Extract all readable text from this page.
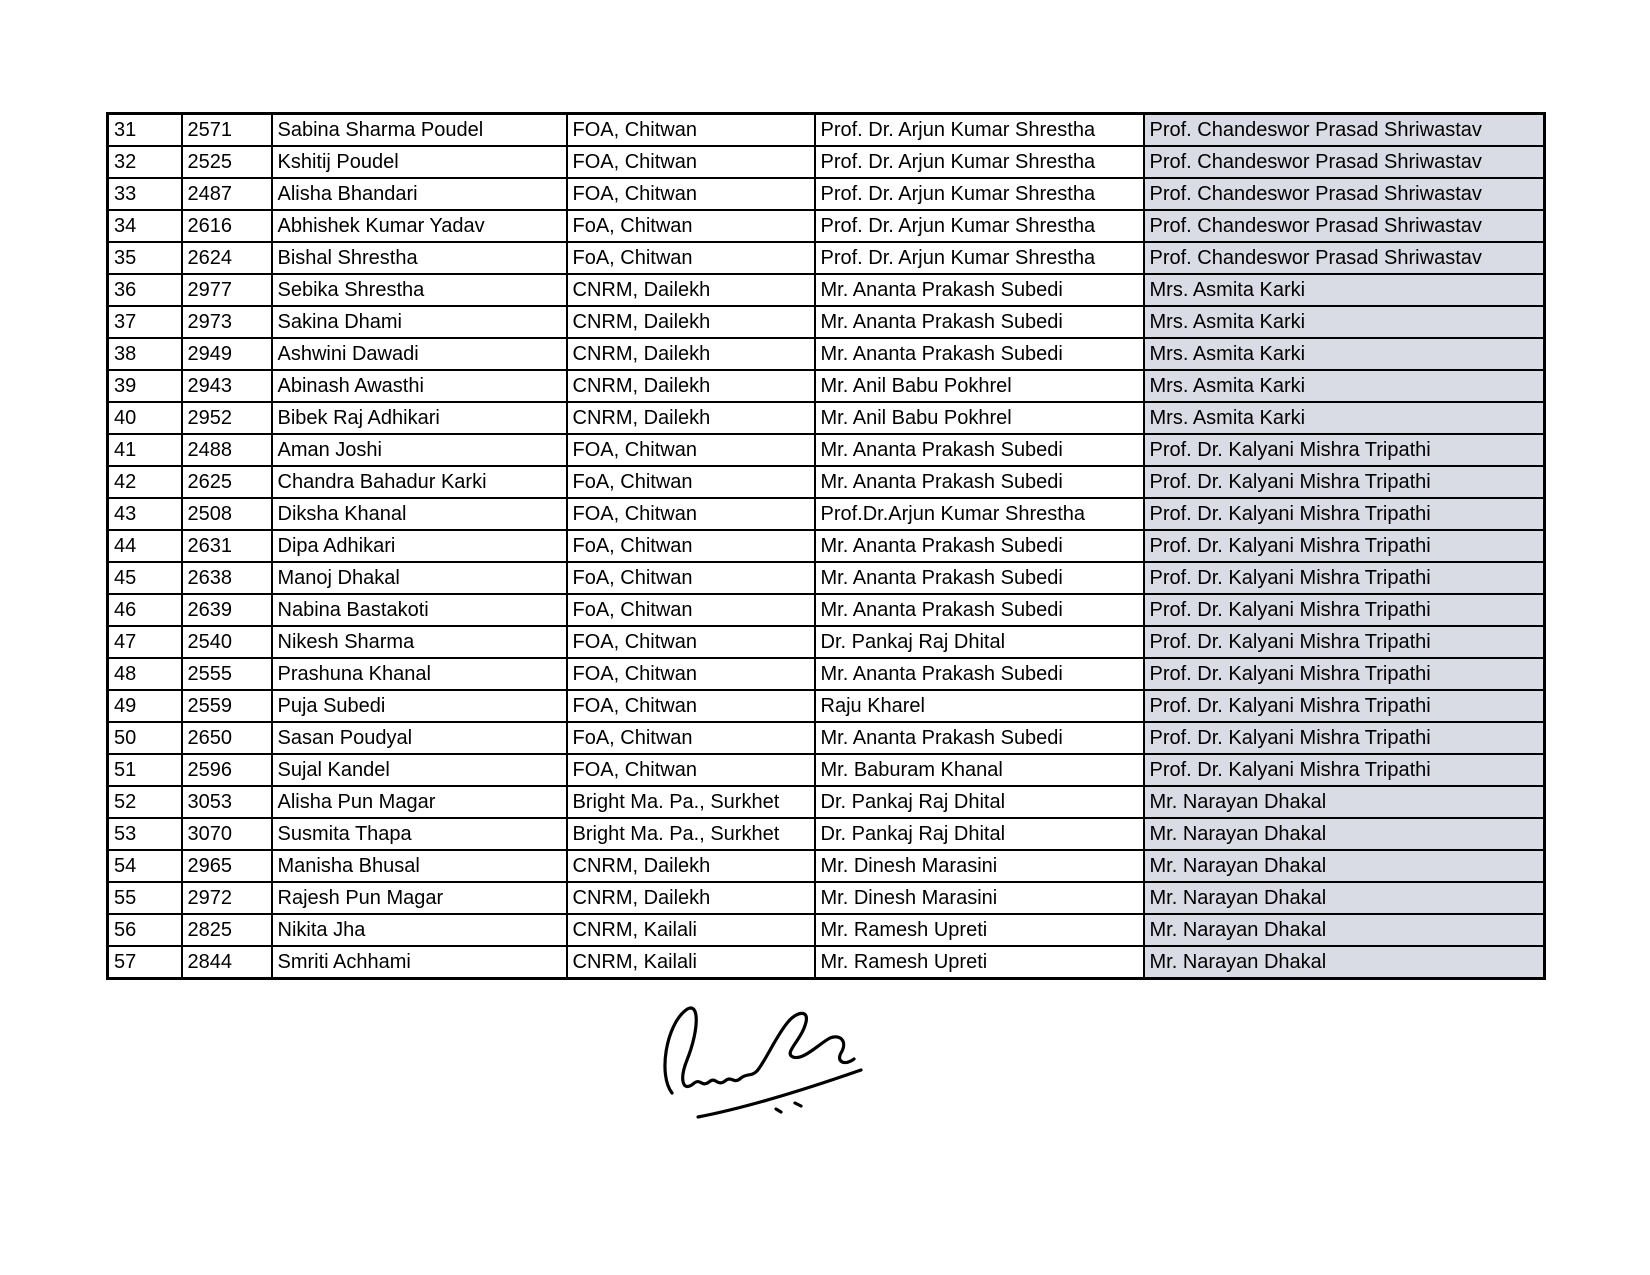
31	2571	Sabina Sharma Poudel	FOA, Chitwan	Prof. Dr. Arjun Kumar Shrestha	Prof. Chandeswor Prasad Shriwastav
32	2525	Kshitij Poudel	FOA, Chitwan	Prof. Dr. Arjun Kumar Shrestha	Prof. Chandeswor Prasad Shriwastav
33	2487	Alisha Bhandari	FOA, Chitwan	Prof. Dr. Arjun Kumar Shrestha	Prof. Chandeswor Prasad Shriwastav
34	2616	Abhishek Kumar Yadav	FoA, Chitwan	Prof. Dr. Arjun Kumar Shrestha	Prof. Chandeswor Prasad Shriwastav
35	2624	Bishal Shrestha	FoA, Chitwan	Prof. Dr. Arjun Kumar Shrestha	Prof. Chandeswor Prasad Shriwastav
36	2977	Sebika Shrestha	CNRM, Dailekh	Mr. Ananta Prakash Subedi	Mrs. Asmita Karki
37	2973	Sakina Dhami	CNRM, Dailekh	Mr. Ananta Prakash Subedi	Mrs. Asmita Karki
38	2949	Ashwini Dawadi	CNRM, Dailekh	Mr. Ananta Prakash Subedi	Mrs. Asmita Karki
39	2943	Abinash Awasthi	CNRM, Dailekh	Mr. Anil Babu Pokhrel	Mrs. Asmita Karki
40	2952	Bibek Raj Adhikari	CNRM, Dailekh	Mr. Anil Babu Pokhrel	Mrs. Asmita Karki
41	2488	Aman Joshi	FOA, Chitwan	Mr. Ananta Prakash Subedi	Prof. Dr. Kalyani Mishra Tripathi
42	2625	Chandra Bahadur Karki	FoA, Chitwan	Mr. Ananta Prakash Subedi	Prof. Dr. Kalyani Mishra Tripathi
43	2508	Diksha Khanal	FOA, Chitwan	Prof.Dr.Arjun Kumar Shrestha	Prof. Dr. Kalyani Mishra Tripathi
44	2631	Dipa Adhikari	FoA, Chitwan	Mr. Ananta Prakash Subedi	Prof. Dr. Kalyani Mishra Tripathi
45	2638	Manoj Dhakal	FoA, Chitwan	Mr. Ananta Prakash Subedi	Prof. Dr. Kalyani Mishra Tripathi
46	2639	Nabina Bastakoti	FoA, Chitwan	Mr. Ananta Prakash Subedi	Prof. Dr. Kalyani Mishra Tripathi
47	2540	Nikesh Sharma	FOA, Chitwan	Dr. Pankaj Raj Dhital	Prof. Dr. Kalyani Mishra Tripathi
48	2555	Prashuna Khanal	FOA, Chitwan	Mr. Ananta Prakash Subedi	Prof. Dr. Kalyani Mishra Tripathi
49	2559	Puja Subedi	FOA, Chitwan	Raju Kharel	Prof. Dr. Kalyani Mishra Tripathi
50	2650	Sasan Poudyal	FoA, Chitwan	Mr. Ananta Prakash Subedi	Prof. Dr. Kalyani Mishra Tripathi
51	2596	Sujal Kandel	FOA, Chitwan	Mr. Baburam Khanal	Prof. Dr. Kalyani Mishra Tripathi
52	3053	Alisha Pun Magar	Bright Ma. Pa., Surkhet	Dr. Pankaj Raj Dhital	Mr. Narayan Dhakal
53	3070	Susmita Thapa	Bright Ma. Pa., Surkhet	Dr. Pankaj Raj Dhital	Mr. Narayan Dhakal
54	2965	Manisha Bhusal	CNRM, Dailekh	Mr. Dinesh Marasini	Mr. Narayan Dhakal
55	2972	Rajesh Pun Magar	CNRM, Dailekh	Mr. Dinesh Marasini	Mr. Narayan Dhakal
56	2825	Nikita Jha	CNRM, Kailali	Mr. Ramesh Upreti	Mr. Narayan Dhakal
57	2844	Smriti Achhami	CNRM, Kailali	Mr. Ramesh Upreti	Mr. Narayan Dhakal
